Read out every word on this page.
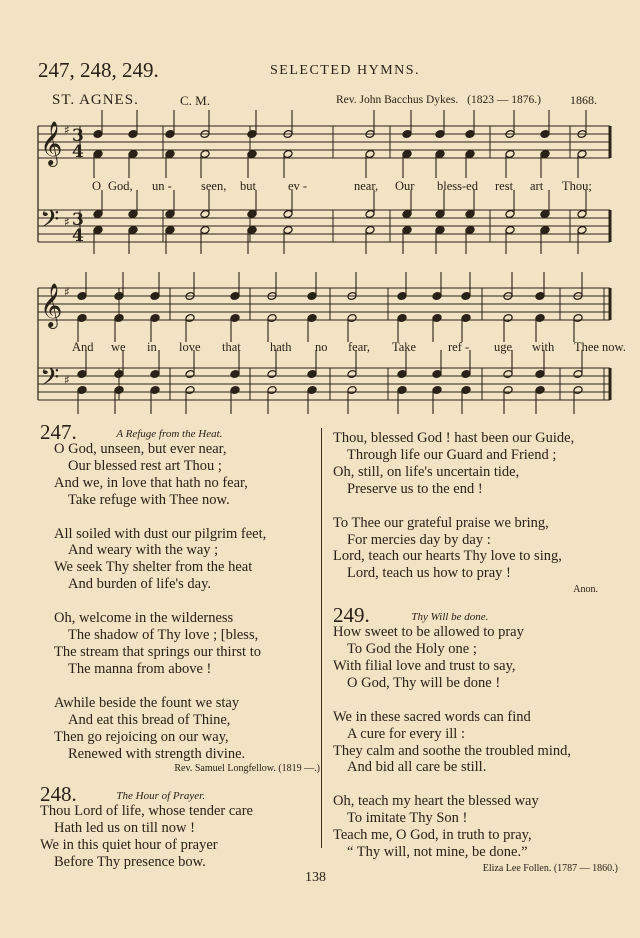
247, 248, 249.	SELECTED HYMNS.
ST. AGNES.	C. M.	Rev. John Bacchus Dykes. (1823 — 1876.) 1868.
𝄞
𝄢
♯
♯
𝄞
𝄢
♯
♯
3
4
3
4
O God, un - seen, but	ev -	near, Our bless-ed rest art Thou;
And we in love that hath no fear, Take	ref - uge with Thee now.
247.	A Refuge from the Heat.
O God, unseen, but ever near,
Our blessed rest art Thou ;
And we, in love that hath no fear,
Take refuge with Thee now.
All soiled with dust our pilgrim feet,
And weary with the way ;
We seek Thy shelter from the heat
And burden of life's day.
Oh, welcome in the wilderness
The shadow of Thy love ; [bless,
The stream that springs our thirst to
The manna from above !
Awhile beside the fount we stay
And eat this bread of Thine,
Then go rejoicing on our way,
Renewed with strength divine.
Rev. Samuel Longfellow. (1819 —.)
248.	The Hour of Prayer.
Thou Lord of life, whose tender care
Hath led us on till now !
We in this quiet hour of prayer
Before Thy presence bow.
Thou, blessed God ! hast been our Guide,
Through life our Guard and Friend ;
Oh, still, on life's uncertain tide,
Preserve us to the end !
To Thee our grateful praise we bring,
For mercies day by day :
Lord, teach our hearts Thy love to sing,
Lord, teach us how to pray !
Anon.
249.	Thy Will be done.
How sweet to be allowed to pray
To God the Holy one ;
With filial love and trust to say,
O God, Thy will be done !
We in these sacred words can find
A cure for every ill :
They calm and soothe the troubled mind,
And bid all care be still.
Oh, teach my heart the blessed way
To imitate Thy Son !
Teach me, O God, in truth to pray,
“ Thy will, not mine, be done.”
Eliza Lee Follen. (1787 — 1860.)
138
